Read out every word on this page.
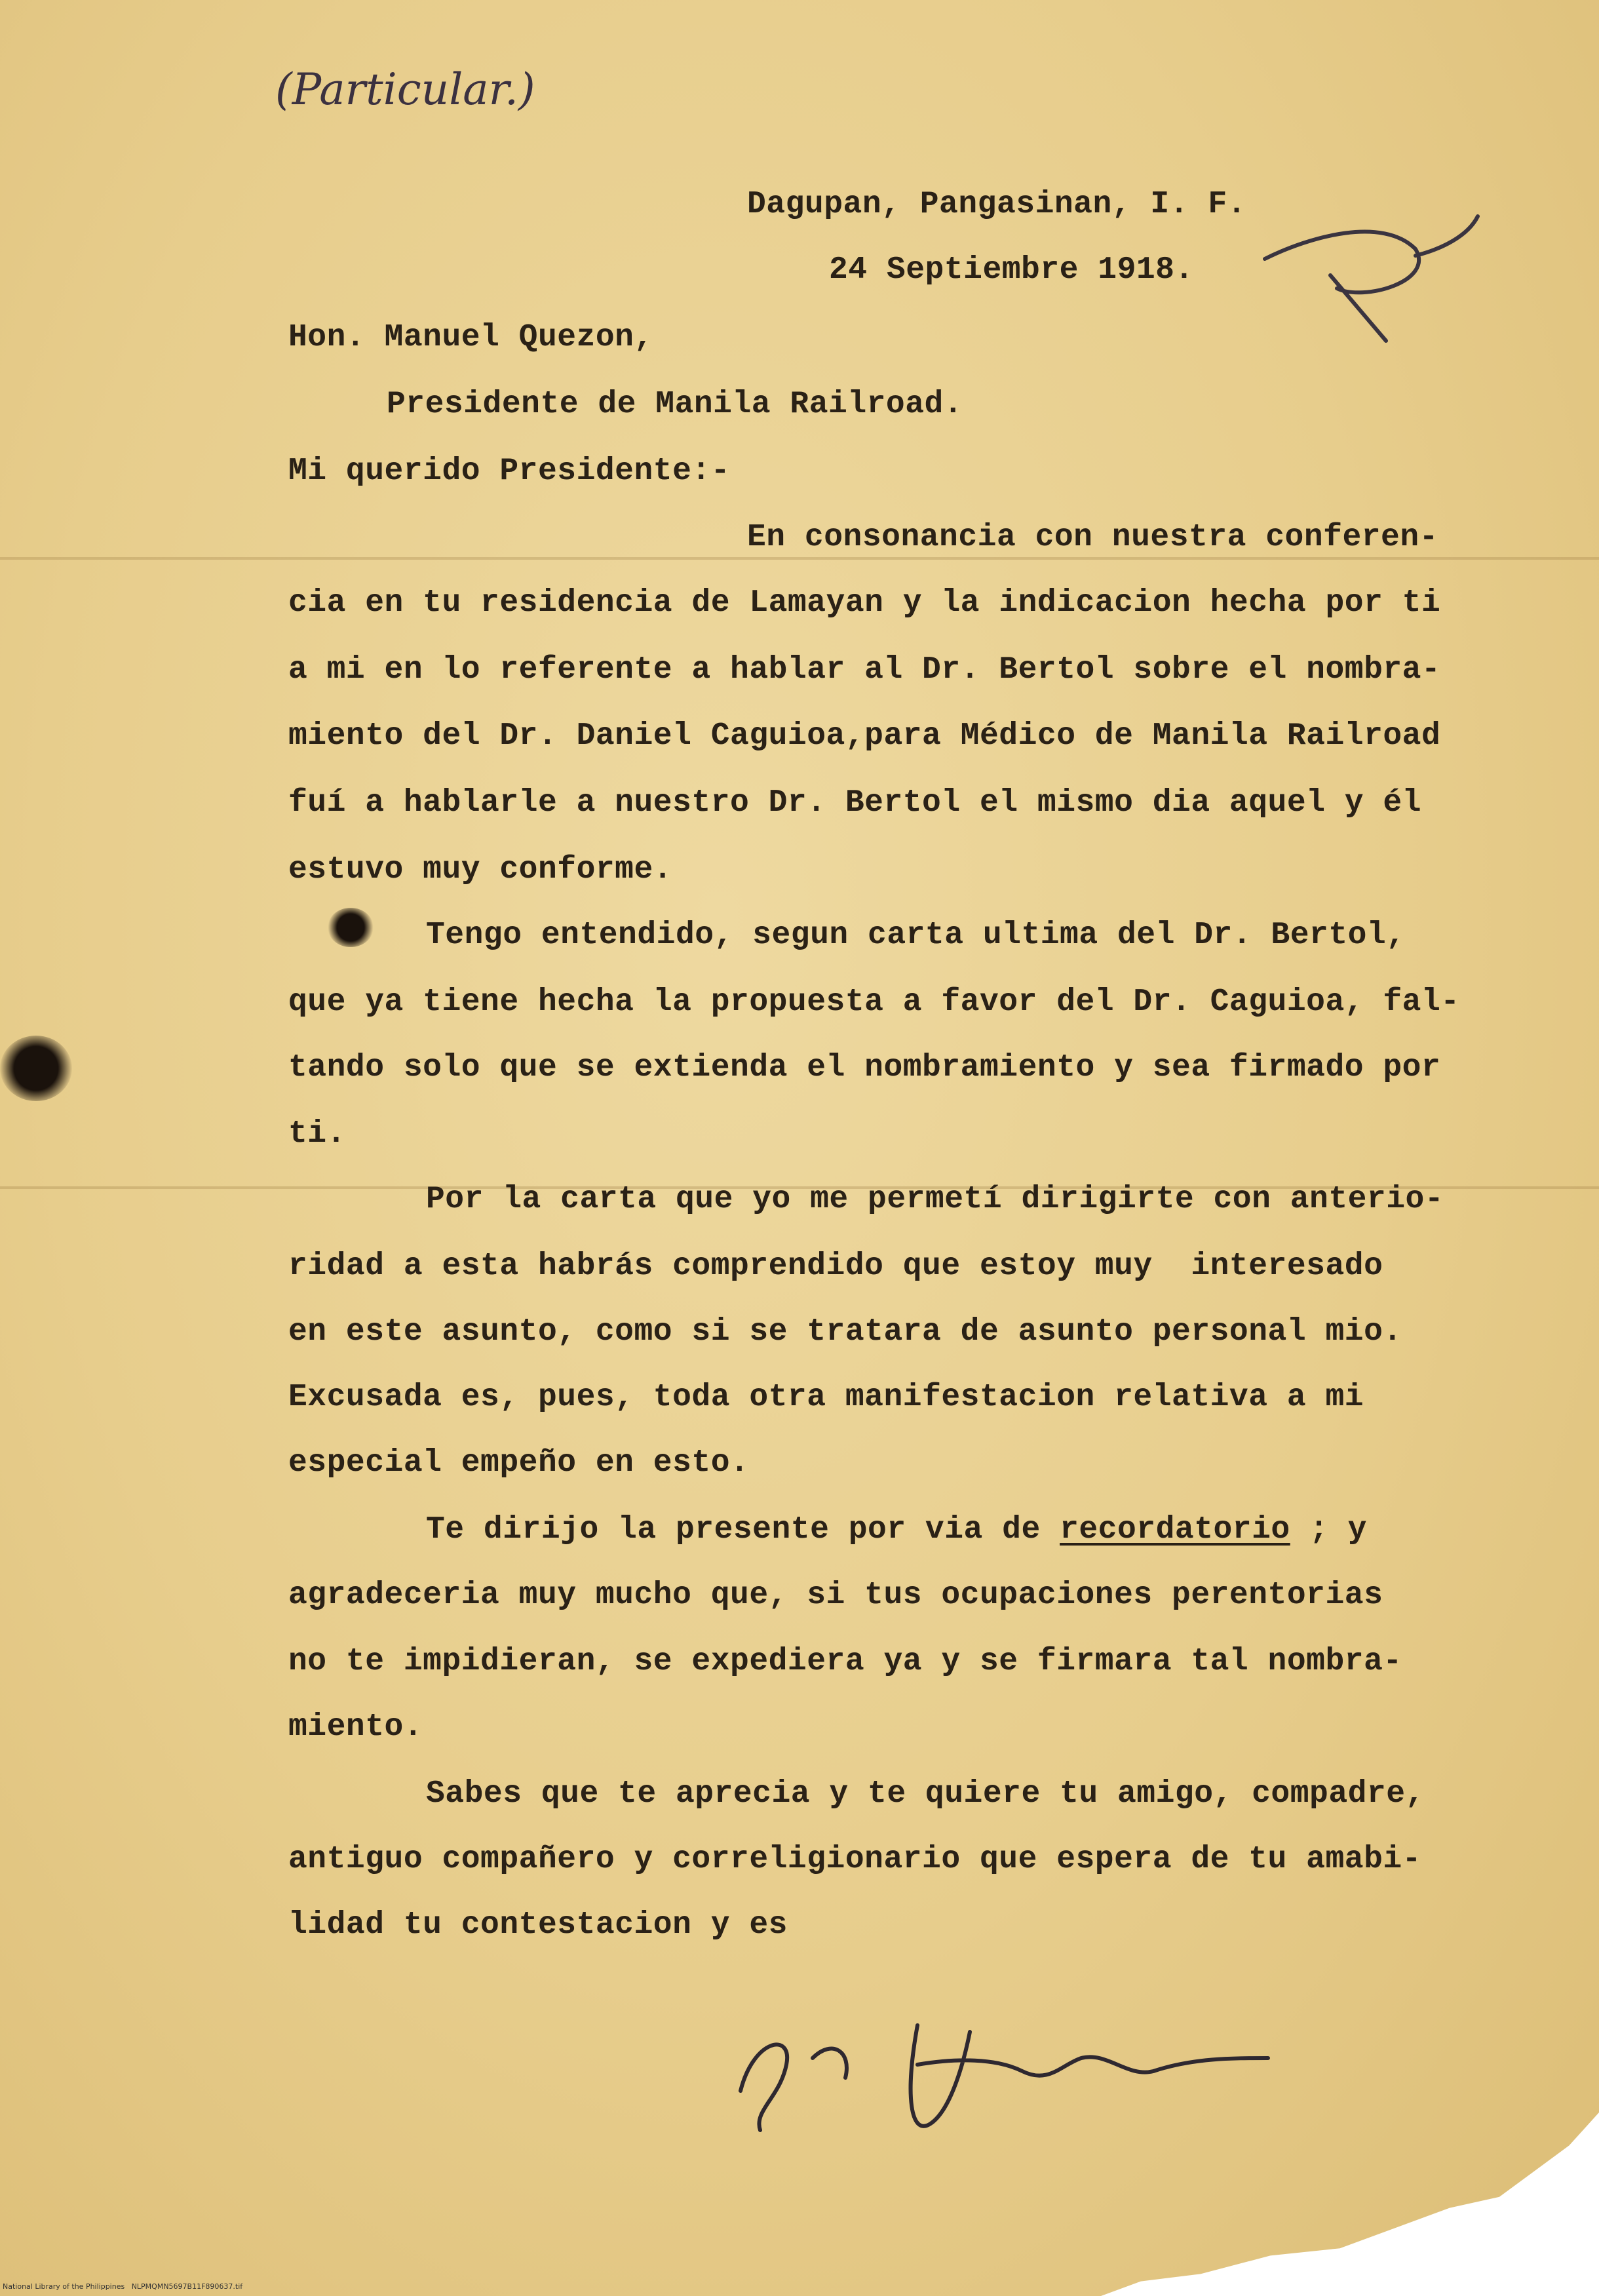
(Particular.)
Dagupan, Pangasinan, I. F.
24 Septiembre 1918.
Hon. Manuel Quezon,
Presidente de Manila Railroad.
Mi querido Presidente:-
En consonancia con nuestra conferen-
cia en tu residencia de Lamayan y la indicacion hecha por ti
a mi en lo referente a hablar al Dr. Bertol sobre el nombra-
miento del Dr. Daniel Caguioa,para Médico de Manila Railroad
fuí a hablarle a nuestro Dr. Bertol el mismo dia aquel y él
estuvo muy conforme.
Tengo entendido, segun carta ultima del Dr. Bertol,
que ya tiene hecha la propuesta a favor del Dr. Caguioa, fal-
tando solo que se extienda el nombramiento y sea firmado por
ti.
Por la carta que yo me permetí dirigirte con anterio-
ridad a esta habrás comprendido que estoy muy  interesado
en este asunto, como si se tratara de asunto personal mio.
Excusada es, pues, toda otra manifestacion relativa a mi
especial empeño en esto.
Te dirijo la presente por via de recordatorio ; y
agradeceria muy mucho que, si tus ocupaciones perentorias
no te impidieran, se expediera ya y se firmara tal nombra-
miento.
Sabes que te aprecia y te quiere tu amigo, compadre,
antiguo compañero y correligionario que espera de tu amabi-
lidad tu contestacion y es
National Library of the Philippines   NLPMQMN5697B11F890637.tif
